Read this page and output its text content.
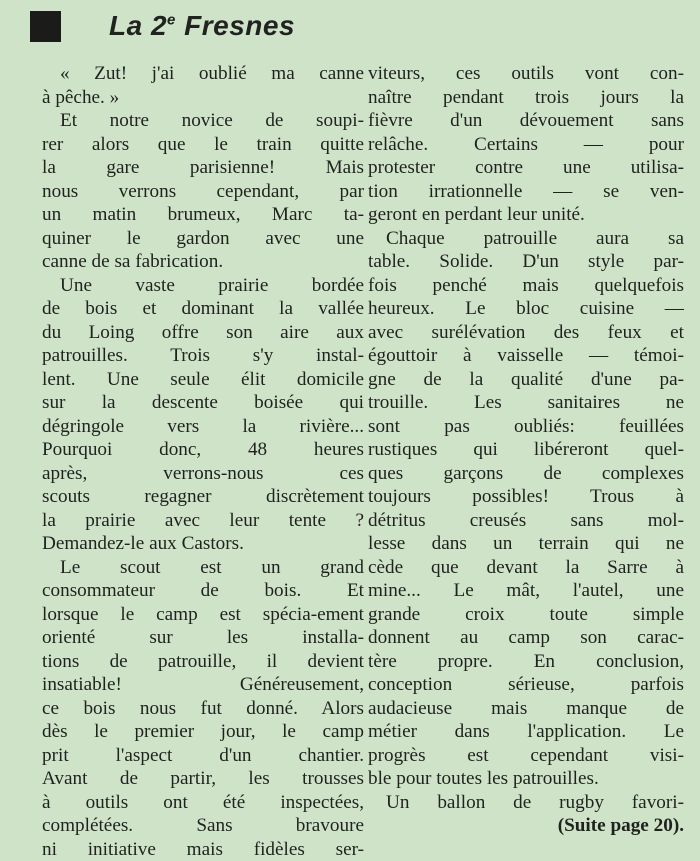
La 2e Fresnes

« Zut! j'ai oublié ma canne

à pêche. »

Et notre novice de soupi-

rer alors que le train quitte

la gare parisienne! Mais

nous verrons cependant, par

un matin brumeux, Marc ta-

quiner le gardon avec une

canne de sa fabrication.

Une vaste prairie bordée

de bois et dominant la vallée

du Loing offre son aire aux

patrouilles. Trois s'y instal-

lent. Une seule élit domicile

sur la descente boisée qui

dégringole vers la rivière...

Pourquoi donc, 48 heures

après, verrons-nous ces

scouts regagner discrètement

la prairie avec leur tente ?

Demandez-le aux Castors.

Le scout est un grand

consommateur de bois. Et

lorsque le camp est spécia-ement

orienté sur les installa-

tions de patrouille, il devient

insatiable! Généreusement,

ce bois nous fut donné. Alors

dès le premier jour, le camp

prit l'aspect d'un chantier.

Avant de partir, les trousses

à outils ont été inspectées,

complétées. Sans bravoure

ni initiative mais fidèles ser-

viteurs, ces outils vont con-

naître pendant trois jours la

fièvre d'un dévouement sans

relâche. Certains — pour

protester contre une utilisa-

tion irrationnelle — se ven-

geront en perdant leur unité.

Chaque patrouille aura sa

table. Solide. D'un style par-

fois penché mais quelquefois

heureux. Le bloc cuisine —

avec surélévation des feux et

égouttoir à vaisselle — témoi-

gne de la qualité d'une pa-

trouille. Les sanitaires ne

sont pas oubliés: feuillées

rustiques qui libéreront quel-

ques garçons de complexes

toujours possibles! Trous à

détritus creusés sans mol-

lesse dans un terrain qui ne

cède que devant la Sarre à

mine... Le mât, l'autel, une

grande croix toute simple

donnent au camp son carac-

tère propre. En conclusion,

conception sérieuse, parfois

audacieuse mais manque de

métier dans l'application. Le

progrès est cependant visi-

ble pour toutes les patrouilles.

Un ballon de rugby favori-

(Suite page 20).
